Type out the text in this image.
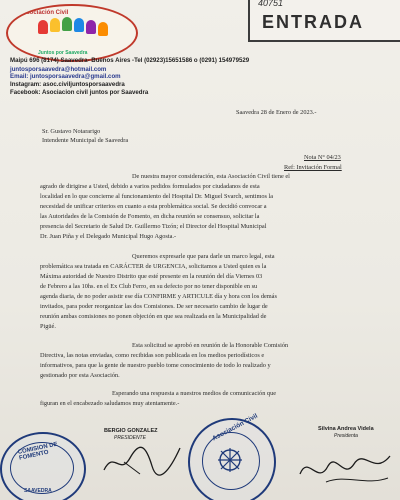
Asociación Civil
Juntos por Saavedra
Maipú 696 (8174) Saavedra- Buenos Aires -Tel (02923)15651586 o (0291) 154979529
juntosporsaavedra@hotmail.com
Email: juntosporsaavedra@gmail.com
Instagram: asoc.civiljuntosporsaavedra
Facebook: Asociacion civil juntos por Saavedra
40751
ENTRADA
Saavedra 28 de Enero de 2023.-
Sr. Gustavo Notararigo
Intendente Municipal de Saavedra
Nota N° 04/23
Ref: Invitación Formal
De nuestra mayor consideración, esta Asociación Civil tiene el
agrado de dirigirse a Usted, debido a varios pedidos formulados por ciudadanos de esta
localidad en lo que concierne al funcionamiento del Hospital Dr. Miguel Svarch, sentimos la
necesidad de unificar criterios en cuanto a esta problemática social. Se decidió convocar a
las Autoridades de la Comisión de Fomento, en dicha reunión se consensuo, solicitar la
presencia del Secretario de Salud Dr. Guillermo Tizón; el Director del Hospital Municipal
Dr. Juan Piña y el Delegado Municipal Hugo Agosta.-
Queremos expresarle que para darle un marco legal, esta
problemática sea tratada en CARÁCTER de URGENCIA, solicitamos a Usted quien es la
Máxima autoridad de Nuestro Distrito que esté presente en la reunión del día Viernes 03
de Febrero a las 10hs. en el Ex Club Ferro, en su defecto por no tener disponible en su
agenda diaria, de no poder asistir ese día CONFIRME y ARTICULE día y hora con los demás
invitados, para poder reorganizar las dos Comisiones. De ser necesario cambio de lugar de
reunión ambas comisiones no ponen objeción en que sea realizada en la Municipalidad de
Pigüé.
Esta solicitud se aprobó en reunión de la Honorable Comisión
Directiva, las notas enviadas, como recibidas son publicada en los medios periodísticos e
informativos, para que la gente de nuestro pueblo tome conocimiento de todo lo realizado y
gestionado por esta Asociación.
Esperando una respuesta a nuestros medios de comunicación que
figuran en el encabezado saludamos muy atentamente.-
COMISION DE FOMENTO
SAAVEDRA
BERGIO GONZALEZ
PRESIDENTE	Asociación Civil	Silvina Andrea Videla
Presidenta
